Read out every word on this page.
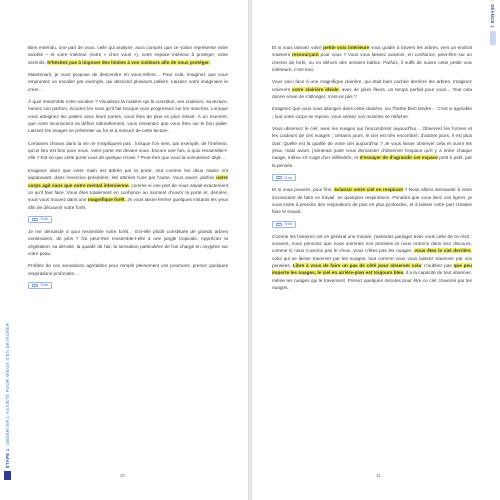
ÉTAPE 1
OBSERVER L'ANXIÉTÉ POUR MIEUX S'EN DÉTACHER

Bien entendu, une part de vous, celle qui analyse, aura compris que ce voisin représente votre anxiété – et votre intérieur (votre « chez vous »), votre espace intérieur à protéger, votre sérénité. N'hésitez pas à imposer des limites à vos visiteurs afin de vous protéger.

Maintenant, je vous propose de descendre en vous-même… Pour cela, imaginez que vous empruntez un escalier par exemple, qui descend plusieurs paliers. Laissez votre imaginaire le créer…

À quoi ressemble votre escalier ? Visualisez la matière qui le constitue, ses couleurs, sa texture, humez son parfum, écoutez les sons qu'il fait lorsque vous progressez sur les marches. Lorsque vous atteignez les paliers avec leurs portes, vous êtes de plus en plus relaxé. À un moment, que votre inconscient va définir naturellement, vous ressentez que vous êtes sur le bon palier. Laissez les images se présenter au fur et à mesure de cette lecture.

Certaines choses dans la vie ne s'expliquent pas : lorsque l'on sent, par exemple, de l'intérieur, qu'un lieu est bon pour nous. Votre porte est devant vous. Encore une fois, à quoi ressemble-t-elle ? Est-ce que cette porte vous dit quelque chose ? Peut-être que vous la connaissez déjà…

Imaginez alors que votre main est attirée par la porte, tout comme les deux mains ont auparavant, dans l'exercice précédent, été attirées l'une par l'autre. Vous savez, parfois notre corps agit sans que notre mental intervienne, comme si une part de nous savait exactement ce qu'il faut faire. Vous êtes totalement en confiance au moment d'ouvrir la porte et, derrière, vous vous trouvez dans une magnifique forêt. Je vous laisse fermer quelques instants les yeux afin de découvrir votre forêt.

Texte

Je me demande à quoi ressemble votre forêt… Est-elle plutôt constituée de grands arbres centenaires, de pins ? Ou peut-être ressemble-t-elle à une jungle tropicale. Appréciez la végétation, sa densité, la qualité de l'air, la sensation particulière de l'air chargé en oxygène sur votre peau.

Profitez de ces sensations agréables pour remplir pleinement vos poumons, prenez quelques respirations profondes…

Texte
30
SÉANCE 1

Et si vous laissiez votre petite voix intérieure vous guider à travers les arbres, vers un endroit vraiment ressourçant pour vous ? Vous vous laissez avancer, en confiance, peut-être sur un chemin de forêt, ou en dehors des sentiers battus. Parfois, il suffit de suivre cette petite voix intérieure, c'est tout.

Vous voici face à une magnifique clairière, qui était bien cachée derrière les arbres. Imaginez vraiment votre clairière idéale, avec de jolies fleurs, un temps parfait pour vous… Tout cela donne envie de s'allonger, n'est-ce pas ?

Imaginez que vous vous allongez dans cette clairière, sur l'herbe bien tendre… C'est si agréable ; tout votre corps se repose, vous sentez vos muscles se relâcher.

Vous observez le ciel, avec les nuages qui l'encombrent aujourd'hui… Observez les formes et les couleurs de ces nuages ; certains jours, le ciel est très encombré, d'autres jours, il est plus clair. Quelle est la qualité de votre ciel aujourd'hui ? Je vous laisse observer cela et ouvrir les yeux, mais avant, j'aimerais juste vous demander d'observer l'espace qu'il y a entre chaque nuage, même s'il s'agit d'un millimètre, et d'essayer de d'agrandir cet espace petit à petit, par la pensée.

Texte

Et si vous pouviez, pour finir, éclaircir votre ciel en respirant ? Nous allons demander à votre inconscient de faire ce travail, en quelques respirations. Pendant que vous lisez ces lignes, je vous invite à prendre des respirations de plus en plus profondes, et à laisser votre part créative faire le travail.

Texte

Comme les histoires ont en général une morale, j'aimerais partager avec vous celle de ce récit : souvent, nous pensons que nous sommes nos pensées et nous entrons dans leur discours, comme si nous n'avions pas le choix. Vous n'êtes pas les nuages, vous êtes le ciel derrière, celui qui se laisse traverser par les nuages, tout comme vous vous laissez traverser par vos pensées. Libre à vous de faire un pas de côté pour observer cela; n'oubliez pas que peu importe les nuages, le ciel en arrière-plan est toujours bleu, il a la capacité de tout observer, même les nuages qui le traversent. Prenez quelques minutes pour être ce ciel, traversé par les nuages.

31
